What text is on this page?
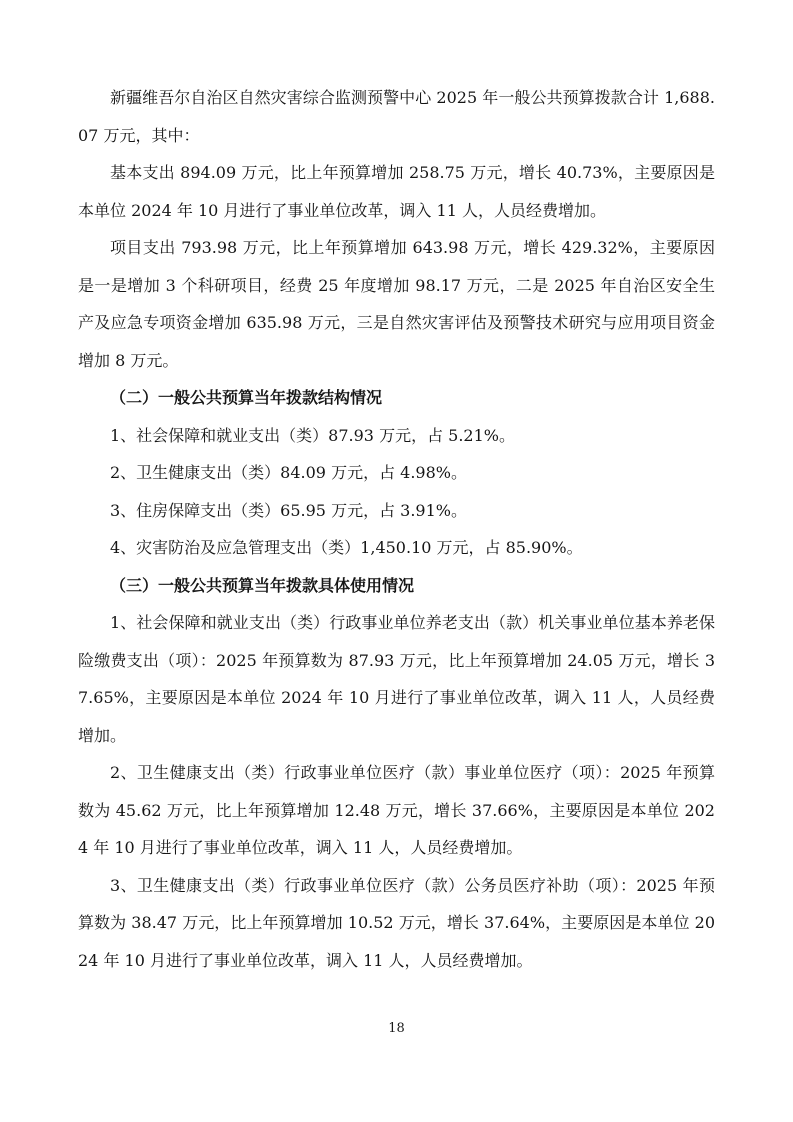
新疆维吾尔自治区自然灾害综合监测预警中心 2025 年一般公共预算拨款合计 1,688.07 万元，其中：

基本支出 894.09 万元，比上年预算增加 258.75 万元，增长 40.73%，主要原因是本单位 2024 年 10 月进行了事业单位改革，调入 11 人，人员经费增加。

项目支出 793.98 万元，比上年预算增加 643.98 万元，增长 429.32%，主要原因是一是增加 3 个科研项目，经费 25 年度增加 98.17 万元，二是 2025 年自治区安全生产及应急专项资金增加 635.98 万元，三是自然灾害评估及预警技术研究与应用项目资金增加 8 万元。

（二）一般公共预算当年拨款结构情况

1、社会保障和就业支出（类）87.93 万元，占 5.21%。

2、卫生健康支出（类）84.09 万元，占 4.98%。

3、住房保障支出（类）65.95 万元，占 3.91%。

4、灾害防治及应急管理支出（类）1,450.10 万元，占 85.90%。

（三）一般公共预算当年拨款具体使用情况

1、社会保障和就业支出（类）行政事业单位养老支出（款）机关事业单位基本养老保险缴费支出（项）：2025 年预算数为 87.93 万元，比上年预算增加 24.05 万元，增长 37.65%，主要原因是本单位 2024 年 10 月进行了事业单位改革，调入 11 人，人员经费增加。

2、卫生健康支出（类）行政事业单位医疗（款）事业单位医疗（项）：2025 年预算数为 45.62 万元，比上年预算增加 12.48 万元，增长 37.66%，主要原因是本单位 2024 年 10 月进行了事业单位改革，调入 11 人，人员经费增加。

3、卫生健康支出（类）行政事业单位医疗（款）公务员医疗补助（项）：2025 年预算数为 38.47 万元，比上年预算增加 10.52 万元，增长 37.64%，主要原因是本单位 2024 年 10 月进行了事业单位改革，调入 11 人，人员经费增加。

18
